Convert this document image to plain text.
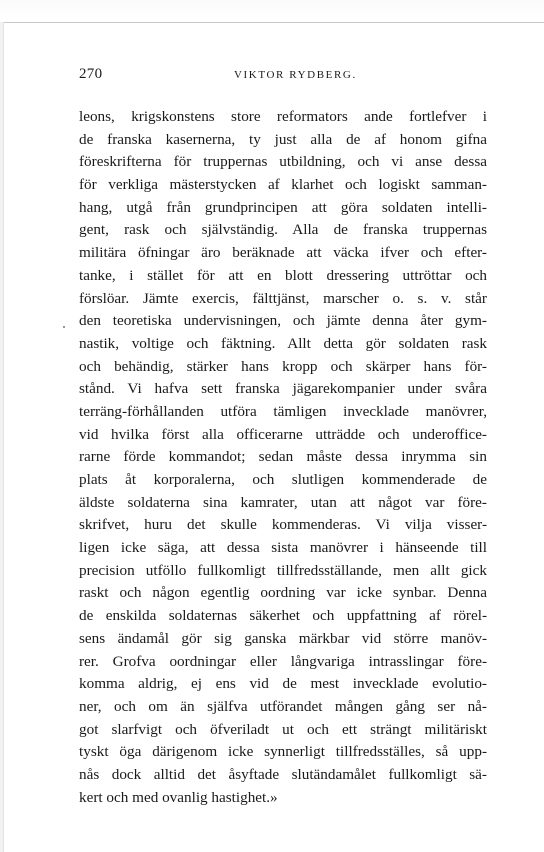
270	VIKTOR RYDBERG.
leons, krigskonstens store reformators ande fortlefver i
de franska kasernerna, ty just alla de af honom gifna
föreskrifterna för truppernas utbildning, och vi anse dessa
för verkliga mästerstycken af klarhet och logiskt samman-
hang, utgå från grundprincipen att göra soldaten intelli-
gent, rask och självständig. Alla de franska truppernas
militära öfningar äro beräknade att väcka ifver och efter-
tanke, i stället för att en blott dressering uttröttar och
förslöar. Jämte exercis, fälttjänst, marscher o. s. v. står
den teoretiska undervisningen, och jämte denna åter gym-
nastik, voltige och fäktning. Allt detta gör soldaten rask
och behändig, stärker hans kropp och skärper hans för-
stånd. Vi hafva sett franska jägarekompanier under svåra
terräng-förhållanden utföra tämligen invecklade manövrer,
vid hvilka först alla officerarne utträdde och underoffice-
rarne förde kommandot; sedan måste dessa inrymma sin
plats åt korporalerna, och slutligen kommenderade de
äldste soldaterna sina kamrater, utan att något var före-
skrifvet, huru det skulle kommenderas. Vi vilja visser-
ligen icke säga, att dessa sista manövrer i hänseende till
precision utföllo fullkomligt tillfredsställande, men allt gick
raskt och någon egentlig oordning var icke synbar. Denna
de enskilda soldaternas säkerhet och uppfattning af rörel-
sens ändamål gör sig ganska märkbar vid större manöv-
rer. Grofva oordningar eller långvariga intrasslingar före-
komma aldrig, ej ens vid de mest invecklade evolutio-
ner, och om än själfva utförandet mången gång ser nå-
got slarfvigt och öfveriladt ut och ett strängt militäriskt
tyskt öga därigenom icke synnerligt tillfredsställes, så upp-
nås dock alltid det åsyftade slutändamålet fullkomligt sä-
kert och med ovanlig hastighet.»
